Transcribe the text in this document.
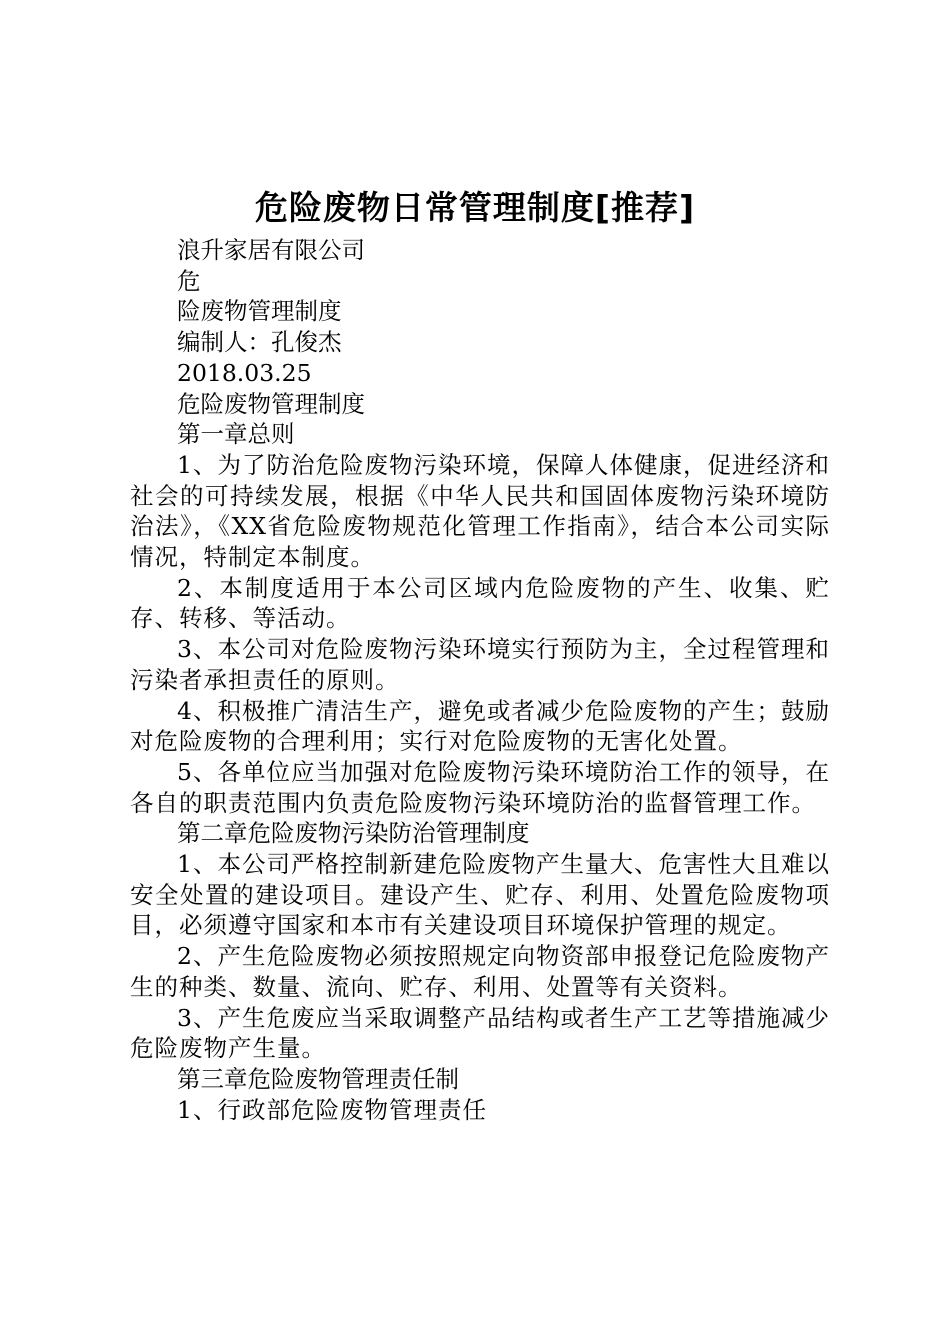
危险废物日常管理制度[推荐]

浪升家居有限公司

危

险废物管理制度

编制人：孔俊杰

2018.03.25

危险废物管理制度

第一章总则

1、为了防治危险废物污染环境，保障人体健康，促进经济和社会的可持续发展，根据《中华人民共和国固体废物污染环境防治法》，《XX省危险废物规范化管理工作指南》，结合本公司实际情况，特制定本制度。

2、本制度适用于本公司区域内危险废物的产生、收集、贮存、转移、等活动。

3、本公司对危险废物污染环境实行预防为主，全过程管理和污染者承担责任的原则。

4、积极推广清洁生产，避免或者减少危险废物的产生；鼓励对危险废物的合理利用；实行对危险废物的无害化处置。

5、各单位应当加强对危险废物污染环境防治工作的领导，在各自的职责范围内负责危险废物污染环境防治的监督管理工作。

第二章危险废物污染防治管理制度

1、本公司严格控制新建危险废物产生量大、危害性大且难以安全处置的建设项目。建设产生、贮存、利用、处置危险废物项目，必须遵守国家和本市有关建设项目环境保护管理的规定。

2、产生危险废物必须按照规定向物资部申报登记危险废物产生的种类、数量、流向、贮存、利用、处置等有关资料。

3、产生危废应当采取调整产品结构或者生产工艺等措施减少危险废物产生量。

第三章危险废物管理责任制

1、行政部危险废物管理责任
